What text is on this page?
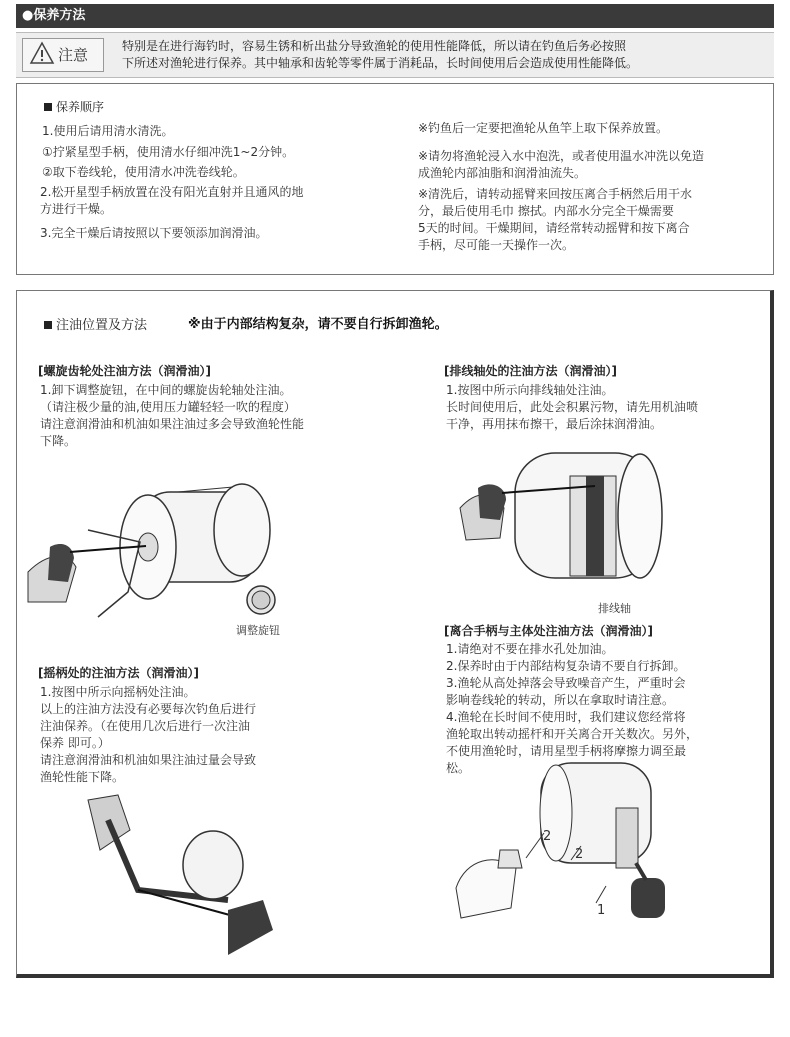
●保养方法
注意	特别是在进行海钓时，容易生锈和析出盐分导致渔轮的使用性能降低，所以请在钓鱼后务必按照
下所述对渔轮进行保养。其中轴承和齿轮等零件属于消耗品，长时间使用后会造成使用性能降低。
保养顺序
1.使用后请用清水清洗。
①拧紧星型手柄，使用清水仔细冲洗1~2分钟。
②取下卷线轮，使用清水冲洗卷线轮。
2.松开星型手柄放置在没有阳光直射并且通风的地
方进行干燥。
3.完全干燥后请按照以下要领添加润滑油。
※钓鱼后一定要把渔轮从鱼竿上取下保养放置。
※请勿将渔轮浸入水中泡洗，或者使用温水冲洗以免造
成渔轮内部油脂和润滑油流失。
※清洗后，请转动摇臂来回按压离合手柄然后用干水
分，最后使用毛巾 擦拭。内部水分完全干燥需要
5天的时间。干燥期间，请经常转动摇臂和按下离合
手柄，尽可能一天操作一次。
注油位置及方法	※由于内部结构复杂，请不要自行拆卸渔轮。
[螺旋齿轮处注油方法（润滑油）]
1.卸下调整旋钮，在中间的螺旋齿轮轴处注油。
（请注极少量的油,使用压力罐轻轻一吹的程度）
请注意润滑油和机油如果注油过多会导致渔轮性能
下降。
调整旋钮
[排线轴处的注油方法（润滑油）]
1.按图中所示向排线轴处注油。
长时间使用后，此处会积累污物，请先用机油喷
干净，再用抹布擦干，最后涂抹润滑油。
排线轴
[摇柄处的注油方法（润滑油）]
1.按图中所示向摇柄处注油。
以上的注油方法没有必要每次钓鱼后进行
注油保养。（在使用几次后进行一次注油
保养 即可。）
请注意润滑油和机油如果注油过量会导致
渔轮性能下降。
[离合手柄与主体处注油方法（润滑油）]
1.请绝对不要在排水孔处加油。
2.保养时由于内部结构复杂请不要自行拆卸。
3.渔轮从高处掉落会导致噪音产生，严重时会
影响卷线轮的转动，所以在拿取时请注意。
4.渔轮在长时间不使用时，我们建议您经常将
渔轮取出转动摇杆和开关离合开关数次。另外，
不使用渔轮时，请用星型手柄将摩擦力调至最
松。
2
2
1
